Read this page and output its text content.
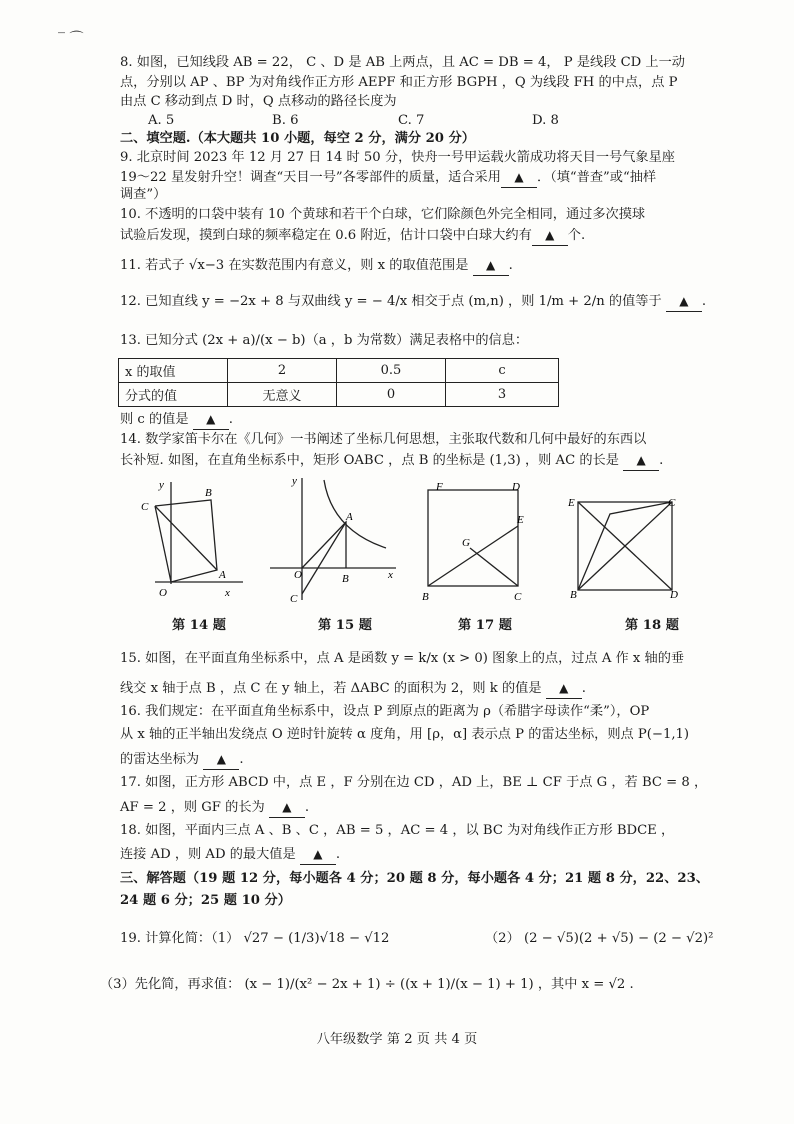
‾ ⌒
8. 如图，已知线段 AB = 22， C 、D 是 AB 上两点，且 AC = DB = 4， P 是线段 CD 上一动
点，分别以 AP 、BP 为对角线作正方形 AEPF 和正方形 BGPH ，Q 为线段 FH 的中点，点 P
由点 C 移动到点 D 时，Q 点移动的路径长度为
A. 5	B. 6	C. 7	D. 8
二、填空题.（本大题共 10 小题，每空 2 分，满分 20 分）
9. 北京时间 2023 年 12 月 27 日 14 时 50 分，快舟一号甲运载火箭成功将天目一号气象星座
19～22 星发射升空！调查“天目一号”各零部件的质量，适合采用 ▲ ．（填“普查”或“抽样
调查”）
10. 不透明的口袋中装有 10 个黄球和若干个白球，它们除颜色外完全相同，通过多次摸球
试验后发现，摸到白球的频率稳定在 0.6 附近，估计口袋中白球大约有 ▲ 个.
11. 若式子 √x−3 在实数范围内有意义，则 x 的取值范围是 ▲ .
12. 已知直线 y = −2x + 8 与双曲线 y = − 4/x 相交于点 (m,n) ，则 1/m + 2/n 的值等于 ▲ .
13. 已知分式 (2x + a)/(x − b)（a ，b 为常数）满足表格中的信息：
x 的取值	2	0.5	c
分式的值	无意义	0	3
则 c 的值是 ▲ .
14. 数学家笛卡尔在《几何》一书阐述了坐标几何思想，主张取代数和几何中最好的东西以
长补短. 如图，在直角坐标系中，矩形 OABC ，点 B 的坐标是 (1,3) ，则 AC 的长是 ▲ .
y
C
B
A
O	x
y
A
O	B	x
C
F	D
E
G
B	C
E	C
B	D
第 14 题	第 15 题	第 17 题	第 18 题
15. 如图，在平面直角坐标系中，点 A 是函数 y = k/x (x > 0) 图象上的点，过点 A 作 x 轴的垂
线交 x 轴于点 B ，点 C 在 y 轴上，若 ΔABC 的面积为 2，则 k 的值是 ▲ .
16. 我们规定：在平面直角坐标系中，设点 P 到原点的距离为 ρ（希腊字母读作“柔”），OP
从 x 轴的正半轴出发绕点 O 逆时针旋转 α 度角，用 [ρ，α] 表示点 P 的雷达坐标，则点 P(−1,1)
的雷达坐标为 ▲ .
17. 如图，正方形 ABCD 中，点 E ，F 分别在边 CD ，AD 上，BE ⊥ CF 于点 G ，若 BC = 8 ，
AF = 2 ，则 GF 的长为 ▲ .
18. 如图，平面内三点 A 、B 、C ，AB = 5 ，AC = 4 ，以 BC 为对角线作正方形 BDCE ，
连接 AD ，则 AD 的最大值是 ▲ .
三、解答题（19 题 12 分，每小题各 4 分；20 题 8 分，每小题各 4 分；21 题 8 分，22、23、
24 题 6 分；25 题 10 分）
19. 计算化简：（1） √27 − (1/3)√18 − √12	（2） (2 − √5)(2 + √5) − (2 − √2)²
（3）先化简，再求值： (x − 1)/(x² − 2x + 1) ÷ ((x + 1)/(x − 1) + 1) ，其中 x = √2 .
八年级数学 第 2 页 共 4 页
